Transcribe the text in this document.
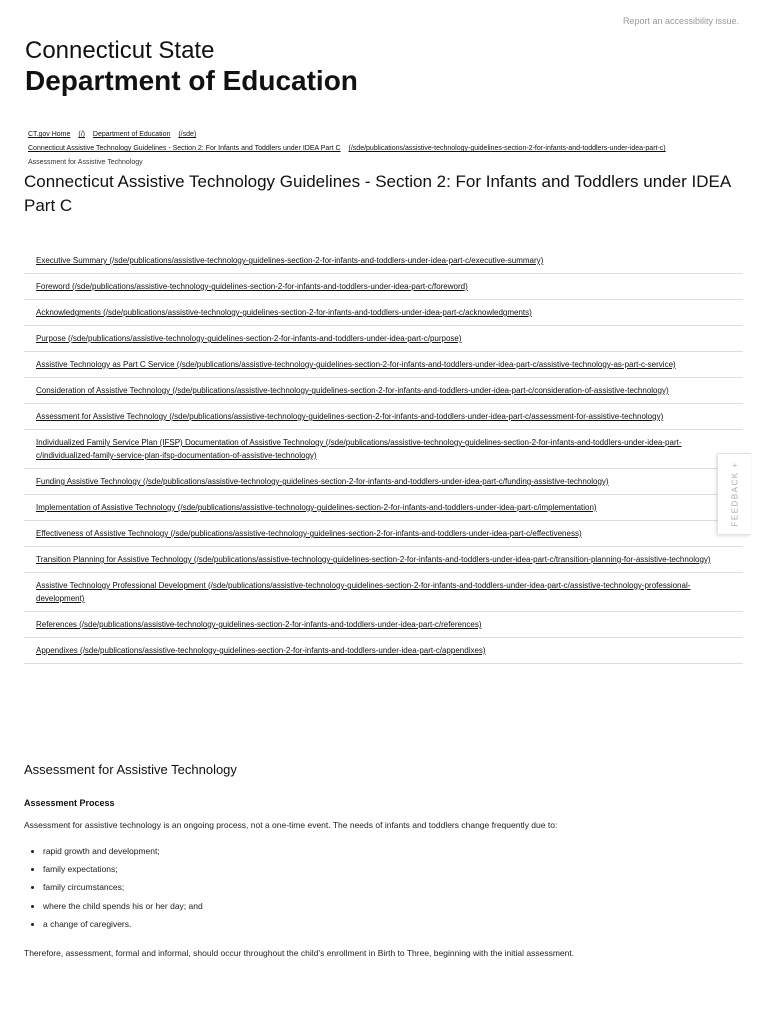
Report an accessibility issue.
Connecticut State
Department of Education
CT.gov Home (/) Department of Education (/sde)
Connecticut Assistive Technology Guidelines - Section 2: For Infants and Toddlers under IDEA Part C (/sde/publications/assistive-technology-guidelines-section-2-for-infants-and-toddlers-under-idea-part-c)
Assessment for Assistive Technology
Connecticut Assistive Technology Guidelines - Section 2: For Infants and Toddlers under IDEA Part C
Executive Summary (/sde/publications/assistive-technology-guidelines-section-2-for-infants-and-toddlers-under-idea-part-c/executive-summary)
Foreword (/sde/publications/assistive-technology-guidelines-section-2-for-infants-and-toddlers-under-idea-part-c/foreword)
Acknowledgments (/sde/publications/assistive-technology-guidelines-section-2-for-infants-and-toddlers-under-idea-part-c/acknowledgments)
Purpose (/sde/publications/assistive-technology-guidelines-section-2-for-infants-and-toddlers-under-idea-part-c/purpose)
Assistive Technology as Part C Service (/sde/publications/assistive-technology-guidelines-section-2-for-infants-and-toddlers-under-idea-part-c/assistive-technology-as-part-c-service)
Consideration of Assistive Technology (/sde/publications/assistive-technology-guidelines-section-2-for-infants-and-toddlers-under-idea-part-c/consideration-of-assistive-technology)
Assessment for Assistive Technology (/sde/publications/assistive-technology-guidelines-section-2-for-infants-and-toddlers-under-idea-part-c/assessment-for-assistive-technology)
Individualized Family Service Plan (IFSP) Documentation of Assistive Technology (/sde/publications/assistive-technology-guidelines-section-2-for-infants-and-toddlers-under-idea-part-c/individualized-family-service-plan-ifsp-documentation-of-assistive-technology)
Funding Assistive Technology (/sde/publications/assistive-technology-guidelines-section-2-for-infants-and-toddlers-under-idea-part-c/funding-assistive-technology)
Implementation of Assistive Technology (/sde/publications/assistive-technology-guidelines-section-2-for-infants-and-toddlers-under-idea-part-c/implementation)
Effectiveness of Assistive Technology (/sde/publications/assistive-technology-guidelines-section-2-for-infants-and-toddlers-under-idea-part-c/effectiveness)
Transition Planning for Assistive Technology (/sde/publications/assistive-technology-guidelines-section-2-for-infants-and-toddlers-under-idea-part-c/transition-planning-for-assistive-technology)
Assistive Technology Professional Development (/sde/publications/assistive-technology-guidelines-section-2-for-infants-and-toddlers-under-idea-part-c/assistive-technology-professional-development)
References (/sde/publications/assistive-technology-guidelines-section-2-for-infants-and-toddlers-under-idea-part-c/references)
Appendixes (/sde/publications/assistive-technology-guidelines-section-2-for-infants-and-toddlers-under-idea-part-c/appendixes)
Assessment for Assistive Technology
Assessment Process

Assessment for assistive technology is an ongoing process, not a one-time event. The needs of infants and toddlers change frequently due to:

• rapid growth and development;
• family expectations;
• family circumstances;
• where the child spends his or her day; and
• a change of caregivers.

Therefore, assessment, formal and informal, should occur throughout the child’s enrollment in Birth to Three, beginning with the initial assessment.

FEEDBACK +
